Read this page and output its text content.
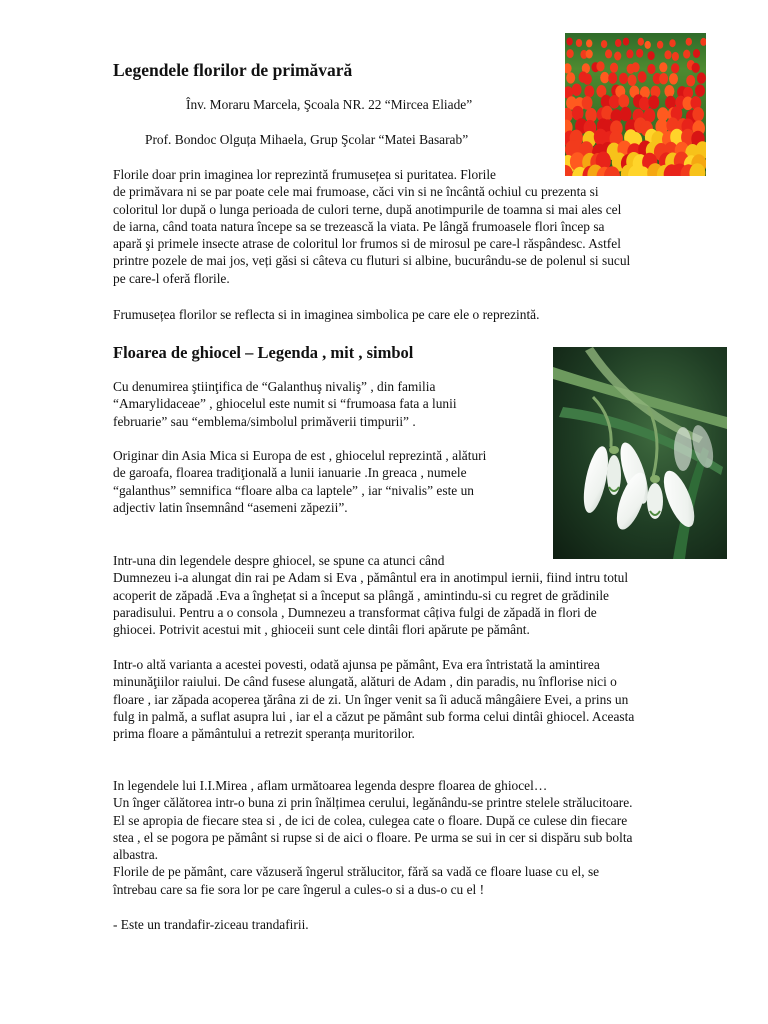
Legendele florilor de primăvară

Înv. Moraru Marcela, Şcoala NR. 22 “Mircea Eliade”

Prof. Bondoc Olguța Mihaela, Grup Şcolar “Matei Basarab”

Florile doar prin imaginea lor reprezintă frumusețea si puritatea. Florile
de primăvara ni se par poate cele mai frumoase, căci vin si ne încântă ochiul cu prezenta si
coloritul lor după o lunga perioada de culori terne, după anotimpurile de toamna si mai ales cel
de iarna, când toata natura începe sa se trezească la viata. Pe lângă frumoasele flori încep sa
apară şi primele insecte atrase de coloritul lor frumos si de mirosul pe care-l răspândesc. Astfel
printre pozele de mai jos, veți găsi si câteva cu fluturi si albine, bucurându-se de polenul si sucul
pe care-l oferă florile.

Frumusețea florilor se reflecta si in imaginea simbolica pe care ele o reprezintă.

Floarea de ghiocel – Legenda , mit , simbol
Cu denumirea ştiinţifica de “Galanthuş nivaliş” , din familia
“Amarylidaceae” , ghiocelul este numit si “frumoasa fata a lunii
februarie” sau “emblema/simbolul primăverii timpurii” .
Originar din Asia Mica si Europa de est , ghiocelul reprezintă , alături
de garoafa, floarea tradiţională a lunii ianuarie .In greaca , numele
“galanthus” semnifica “floare alba ca laptele” , iar “nivalis” este un
adjectiv latin însemnând “asemeni zăpezii”.
Intr-una din legendele despre ghiocel, se spune ca atunci când
Dumnezeu i-a alungat din rai pe Adam si Eva , pământul era in anotimpul iernii, fiind intru totul
acoperit de zăpadă .Eva a înghețat si a început sa plângă , amintindu-si cu regret de grădinile
paradisului. Pentru a o consola , Dumnezeu a transformat câțiva fulgi de zăpadă in flori de
ghiocei. Potrivit acestui mit , ghioceii sunt cele dintâi flori apărute pe pământ.
Intr-o altă varianta a acestei povesti, odată ajunsa pe pământ, Eva era întristată la amintirea
minunăţiilor raiului. De când fusese alungată, alături de Adam , din paradis, nu înflorise nici o
floare , iar zăpada acoperea ţărâna zi de zi. Un înger venit sa îi aducă mângâiere Evei, a prins un
fulg in palmă, a suflat asupra lui , iar el a căzut pe pământ sub forma celui dintâi ghiocel. Aceasta
prima floare a pământului a retrezit speranța muritorilor.
In legendele lui I.I.Mirea , aflam următoarea legenda despre floarea de ghiocel…
Un înger călătorea intr-o buna zi prin înălțimea cerului, legănându-se printre stelele strălucitoare.
El se apropia de fiecare stea si , de ici de colea, culegea cate o floare. După ce culese din fiecare
stea , el se pogora pe pământ si rupse si de aici o floare. Pe urma se sui in cer si dispăru sub bolta
albastra.
Florile de pe pământ, care văzuseră îngerul strălucitor, fără sa vadă ce floare luase cu el, se
întrebau care sa fie sora lor pe care îngerul a cules-o si a dus-o cu el !

- Este un trandafir-ziceau trandafirii.
